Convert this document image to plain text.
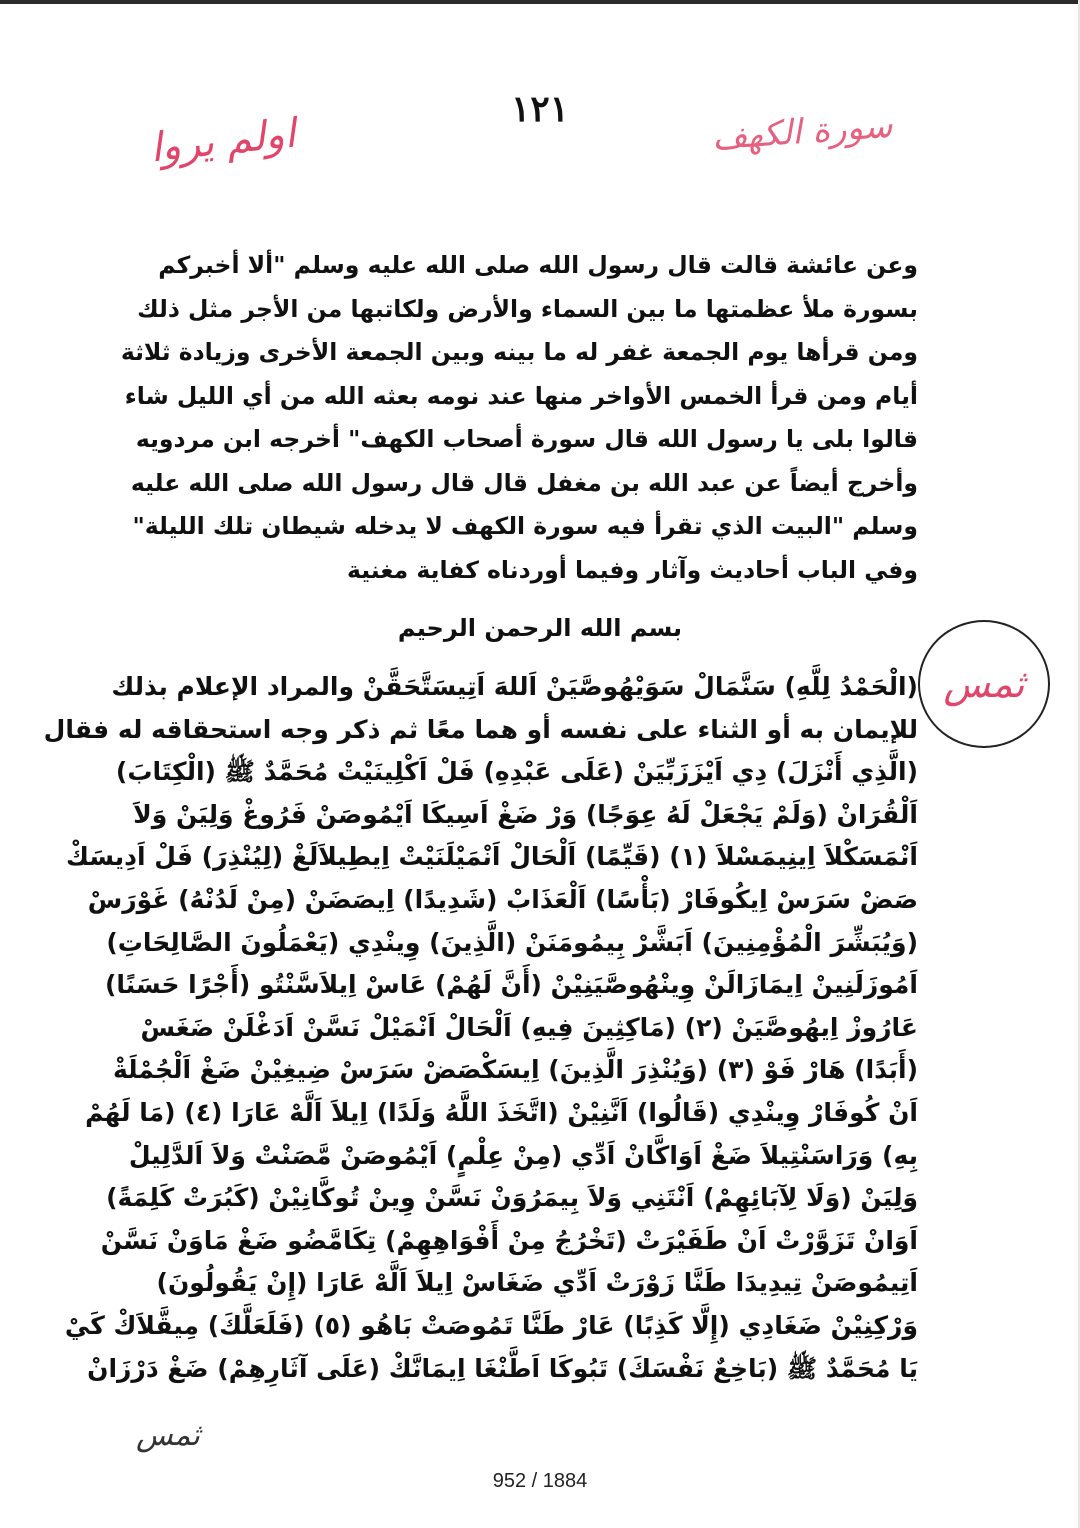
١٢١	سورة الكهف
اولم يروا
ثمس
وعن عائشة قالت قال رسول الله صلى الله عليه وسلم "ألا أخبركم
بسورة ملأ عظمتها ما بين السماء والأرض ولكاتبها من الأجر مثل ذلك
ومن قرأها يوم الجمعة غفر له ما بينه وبين الجمعة الأخرى وزيادة ثلاثة
أيام ومن قرأ الخمس الأواخر منها عند نومه بعثه الله من أي الليل شاء
قالوا بلى يا رسول الله قال سورة أصحاب الكهف" أخرجه ابن مردويه
وأخرج أيضاً عن عبد الله بن مغفل قال قال رسول الله صلى الله عليه
وسلم "البيت الذي تقرأ فيه سورة الكهف لا يدخله شيطان تلك الليلة"
وفي الباب أحاديث وآثار وفيما أوردناه كفاية مغنية
بسم الله الرحمن الرحيم
(الْحَمْدُ لِلَّهِ) سَنَّمَالْ سَوَيْهُوصَّيَنْ اَللهَ اَتِيسَتَّحَقَّنْ والمراد الإعلام بذلك
للإيمان به أو الثناء على نفسه أو هما معًا ثم ذكر وجه استحقاقه له فقال
(الَّذِي أَنْزَلَ) دِي اَيْزَزَبِّيَنْ (عَلَى عَبْدِهِ) فَلْ اَكْلِينَيْتْ مُحَمَّدٌ ﷺ (الْكِتَابَ)
اَلْقُرَانْ (وَلَمْ يَجْعَلْ لَهُ عِوَجًا) وَرْ ضَغْ اَسِيكَا اَيْمُوصَنْ فَرُوغْ وَلِيَنْ وَلاَ
اَنْمَسَكْلاَ اِينِيمَسْلاَ (١) (قَيِّمًا) اَلْحَالْ اَنْمَيْلَنَيْتْ اِيطِيلاَلَغْ (لِيُنْذِرَ) فَلْ اَدِيسَكْ
صَضْ سَرَسْ اِيكُوفَارْ (بَأْسًا) اَلْعَذَابْ (شَدِيدًا) اِيصَضَنْ (مِنْ لَدُنْهُ) غَوْرَسْ
(وَيُبَشِّرَ الْمُؤْمِنِينَ) اَبَشَّرْ بِيمُومَنَنْ (الَّذِينَ) وِينْدِي (يَعْمَلُونَ الصَّالِحَاتِ)
اَمُوزَلَنِينْ اِيمَازَالَنْ وِينْهُوصَّيَنِيْنْ (أَنَّ لَهُمْ) عَاسْ اِيلاَسَّنْتُو (أَجْرًا حَسَنًا)
عَارُوزْ اِيهُوصَّيَنْ (٢) (مَاكِثِينَ فِيهِ) اَلْحَالْ اَنْمَيْلْ نَسَّنْ اَدَغْلَنْ ضَغَسْ
(أَبَدًا) هَارْ فَوْ (٣) (وَيُنْذِرَ الَّذِينَ) اِيسَكْصَضْ سَرَسْ ضِيغِيْنْ ضَغْ اَلْجُمْلَةْ
اَنْ كُوفَارْ وِينْدِي (قَالُوا) اَنَّنِيْنْ (اتَّخَذَ اللَّهُ وَلَدًا) اِيلاَ اَلَّهْ عَارَا (٤) (مَا لَهُمْ
بِهِ) وَرَاسَنْتِيلاَ ضَغْ اَوَاكَّانْ اَدِّي (مِنْ عِلْمٍ) اَيْمُوصَنْ مَّصَنْتْ وَلاَ اَلدَّلِيلْ
وَلِيَنْ (وَلَا لِآبَائِهِمْ) اَنْتَنِي وَلاَ بِيمَرُوَنْ نَسَّنْ وِينْ تُوكَّانِيْنْ (كَبُرَتْ كَلِمَةً)
اَوَانْ تَزَوَّرْتْ اَنْ طَفَيْرَتْ (تَخْرُجُ مِنْ أَفْوَاهِهِمْ) تِكَامَّضُو ضَغْ مَاوَنْ نَسَّنْ
اَتِيمُوصَنْ تِيدِيدَا طَنَّا زَوْرَتْ اَدِّي ضَغَاسْ اِيلاَ اَلَّهْ عَارَا (إِنْ يَقُولُونَ)
وَرْكِنِيْنْ ضَغَادِي (إِلَّا كَذِبًا) عَارْ طَنَّا تَمُوصَتْ بَاهُو (٥) (فَلَعَلَّكَ) مِيقَّلاَكْ كَيْ
يَا مُحَمَّدٌ ﷺ (بَاخِعٌ نَفْسَكَ) تَبُوكَا اَطَّنْغَا اِيمَانَّكْ (عَلَى آثَارِهِمْ) ضَغْ دَرْزَانْ
ثمس
952 / 1884
